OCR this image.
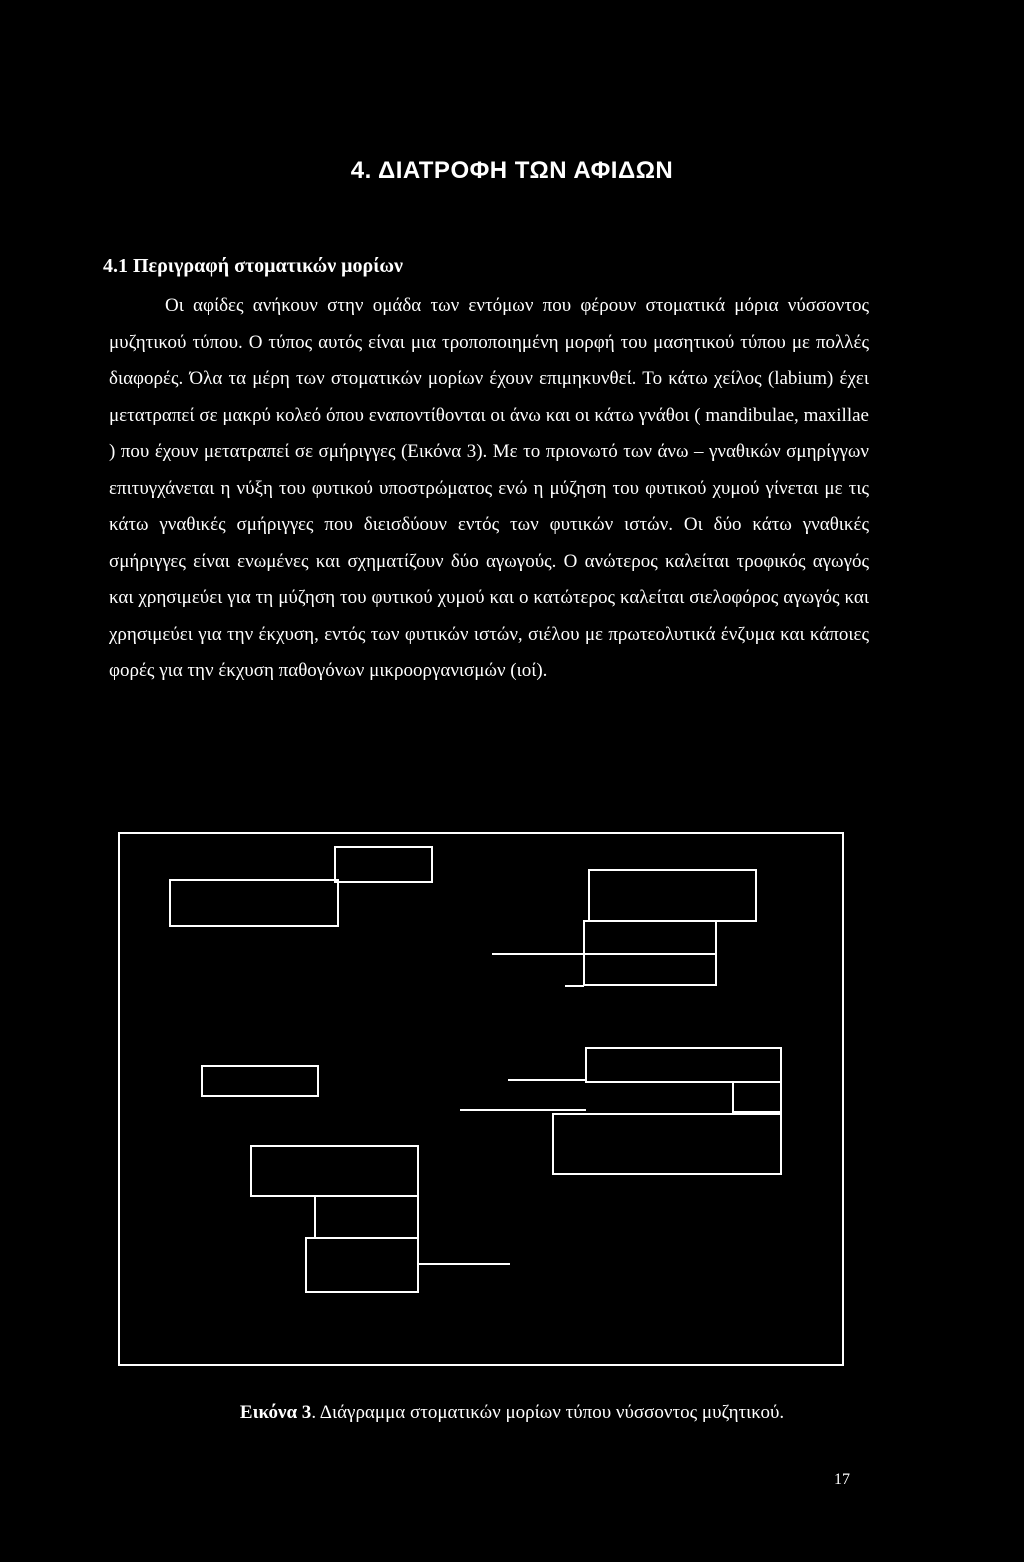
4. ΔΙΑΤΡΟΦΗ ΤΩΝ ΑΦΙΔΩΝ
4.1 Περιγραφή στοματικών μορίων

Οι αφίδες ανήκουν στην ομάδα των εντόμων που φέρουν στοματικά μόρια νύσσοντος μυζητικού τύπου. Ο τύπος αυτός είναι μια τροποποιημένη μορφή του μασητικού τύπου με πολλές διαφορές. Όλα τα μέρη των στοματικών μορίων έχουν επιμηκυνθεί. Το κάτω χείλος (labium) έχει μετατραπεί σε μακρύ κολεό όπου εναποντίθονται οι άνω και οι κάτω γνάθοι ( mandibulae, maxillae ) που έχουν μετατραπεί σε σμήριγγες (Εικόνα 3). Με το πριονωτό των άνω – γναθικών σμηρίγγων επιτυγχάνεται η νύξη του φυτικού υποστρώματος ενώ η μύζηση του φυτικού χυμού γίνεται με τις κάτω γναθικές σμήριγγες που διεισδύουν εντός των φυτικών ιστών. Οι δύο κάτω γναθικές σμήριγγες είναι ενωμένες και σχηματίζουν δύο αγωγούς. Ο ανώτερος καλείται τροφικός αγωγός και χρησιμεύει για τη μύζηση του φυτικού χυμού και ο κατώτερος καλείται σιελοφόρος αγωγός και χρησιμεύει για την έκχυση, εντός των φυτικών ιστών, σιέλου με πρωτεολυτικά ένζυμα και κάποιες φορές για την έκχυση παθογόνων μικροοργανισμών (ιοί).

Εικόνα 3. Διάγραμμα στοματικών μορίων τύπου νύσσοντος μυζητικού.

17
